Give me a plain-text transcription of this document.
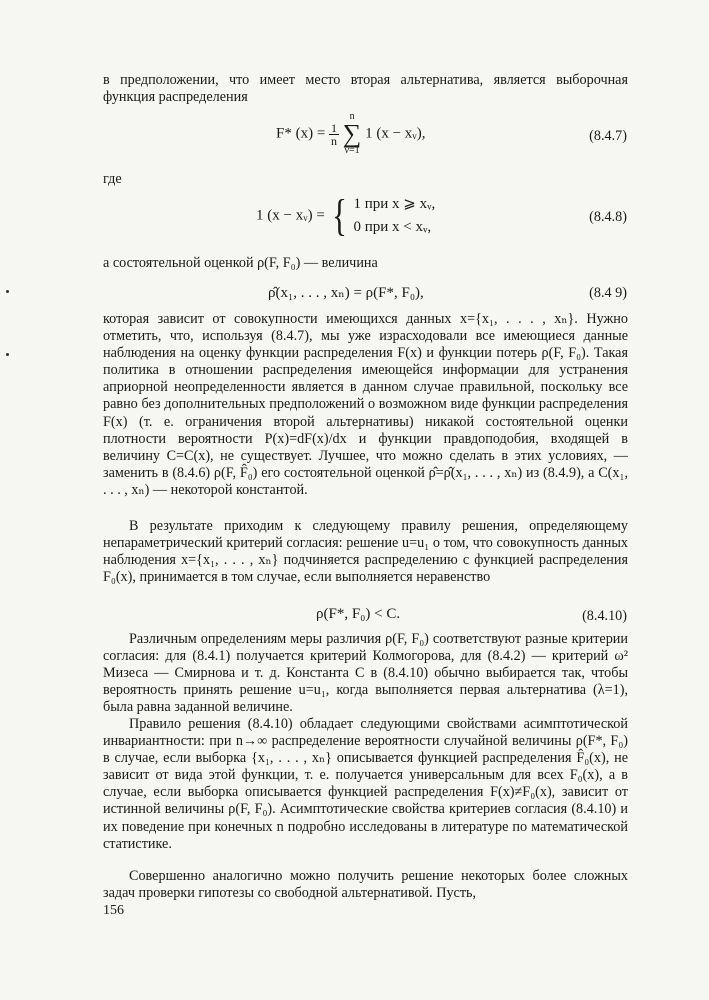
в предположении, что имеет место вторая альтернатива, является выборочная функция распределения

F* $(x) = \frac{1}{n}$

n
∑
ν=1
1 (x − xᵥ),	(8.4.7)

где

1 (x − xᵥ) = { 1 при x ⩾ xᵥ,
0 при x < xᵥ,
(8.4.8)

а состоятельной оценкой ρ(F, F₀) — величина

ρ̂(x₁, . . . , xₙ) = ρ(F*, F₀),	(8.4 9)

которая зависит от совокупности имеющихся данных x={x₁, . . . , xₙ}. Нужно отметить, что, используя (8.4.7), мы уже израсходовали все имеющиеся данные наблюдения на оценку функции распределения F(x) и функции потерь ρ(F, F₀). Такая политика в отношении распределения имеющейся информации для устранения априорной неопределенности является в данном случае правильной, поскольку все равно без дополнительных предположений о возможном виде функции распределения F(x) (т. е. ограничения второй альтернативы) никакой состоятельной оценки плотности вероятности P(x)=dF(x)/dx и функции правдоподобия, входящей в величину C=C(x), не существует. Лучшее, что можно сделать в этих условиях, — заменить в (8.4.6) ρ(F, F̂₀) его состоятельной оценкой ρ̂=ρ̂(x₁, . . . , xₙ) из (8.4.9), а C(x₁, . . . , xₙ) — некоторой константой.

В результате приходим к следующему правилу решения, определяющему непараметрический критерий согласия: решение u=u₁ о том, что совокупность данных наблюдения x={x₁, . . . , xₙ} подчиняется распределению с функцией распределения F₀(x), принимается в том случае, если выполняется неравенство

ρ(F*, F₀) < C.	(8.4.10)

Различным определениям меры различия ρ(F, F₀) соответствуют разные критерии согласия: для (8.4.1) получается критерий Колмогорова, для (8.4.2) — критерий ω² Мизеса — Смирнова и т. д. Константа C в (8.4.10) обычно выбирается так, чтобы вероятность принять решение u=u₁, когда выполняется первая альтернатива (λ=1), была равна заданной величине.

Правило решения (8.4.10) обладает следующими свойствами асимптотической инвариантности: при n→∞ распределение вероятности случайной величины ρ(F*, F₀) в случае, если выборка {x₁, . . . , xₙ} описывается функцией распределения F̂₀(x), не зависит от вида этой функции, т. е. получается универсальным для всех F₀(x), а в случае, если выборка описывается функцией распределения F(x)≠F₀(x), зависит от истинной величины ρ(F, F₀). Асимптотические свойства критериев согласия (8.4.10) и их поведение при конечных n подробно исследованы в литературе по математической статистике.

Совершенно аналогично можно получить решение некоторых более сложных задач проверки гипотезы со свободной альтернативой. Пусть,

156
